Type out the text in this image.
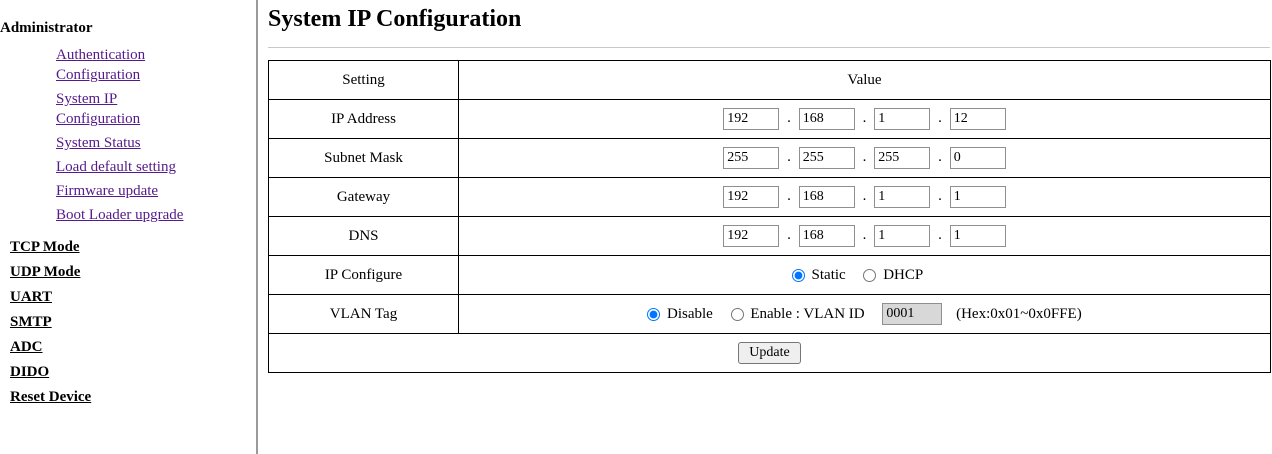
Administrator
Authentication Configuration
System IP Configuration
System Status
Load default setting
Firmware update
Boot Loader upgrade
TCP Mode
UDP Mode
UART
SMTP
ADC
DIDO
Reset Device
System IP Configuration
Setting	Value
IP Address	192. 168 . 1 . 12
Subnet Mask	255. 255 . 255 . 0
Gateway	192. 168 . 1 . 1
DNS	192. 168 . 1 . 1
IP Configure	Static DHCP
VLAN Tag	Disable Enable : VLAN ID 0001 (Hex:0x01~0x0FFE)
Update	
